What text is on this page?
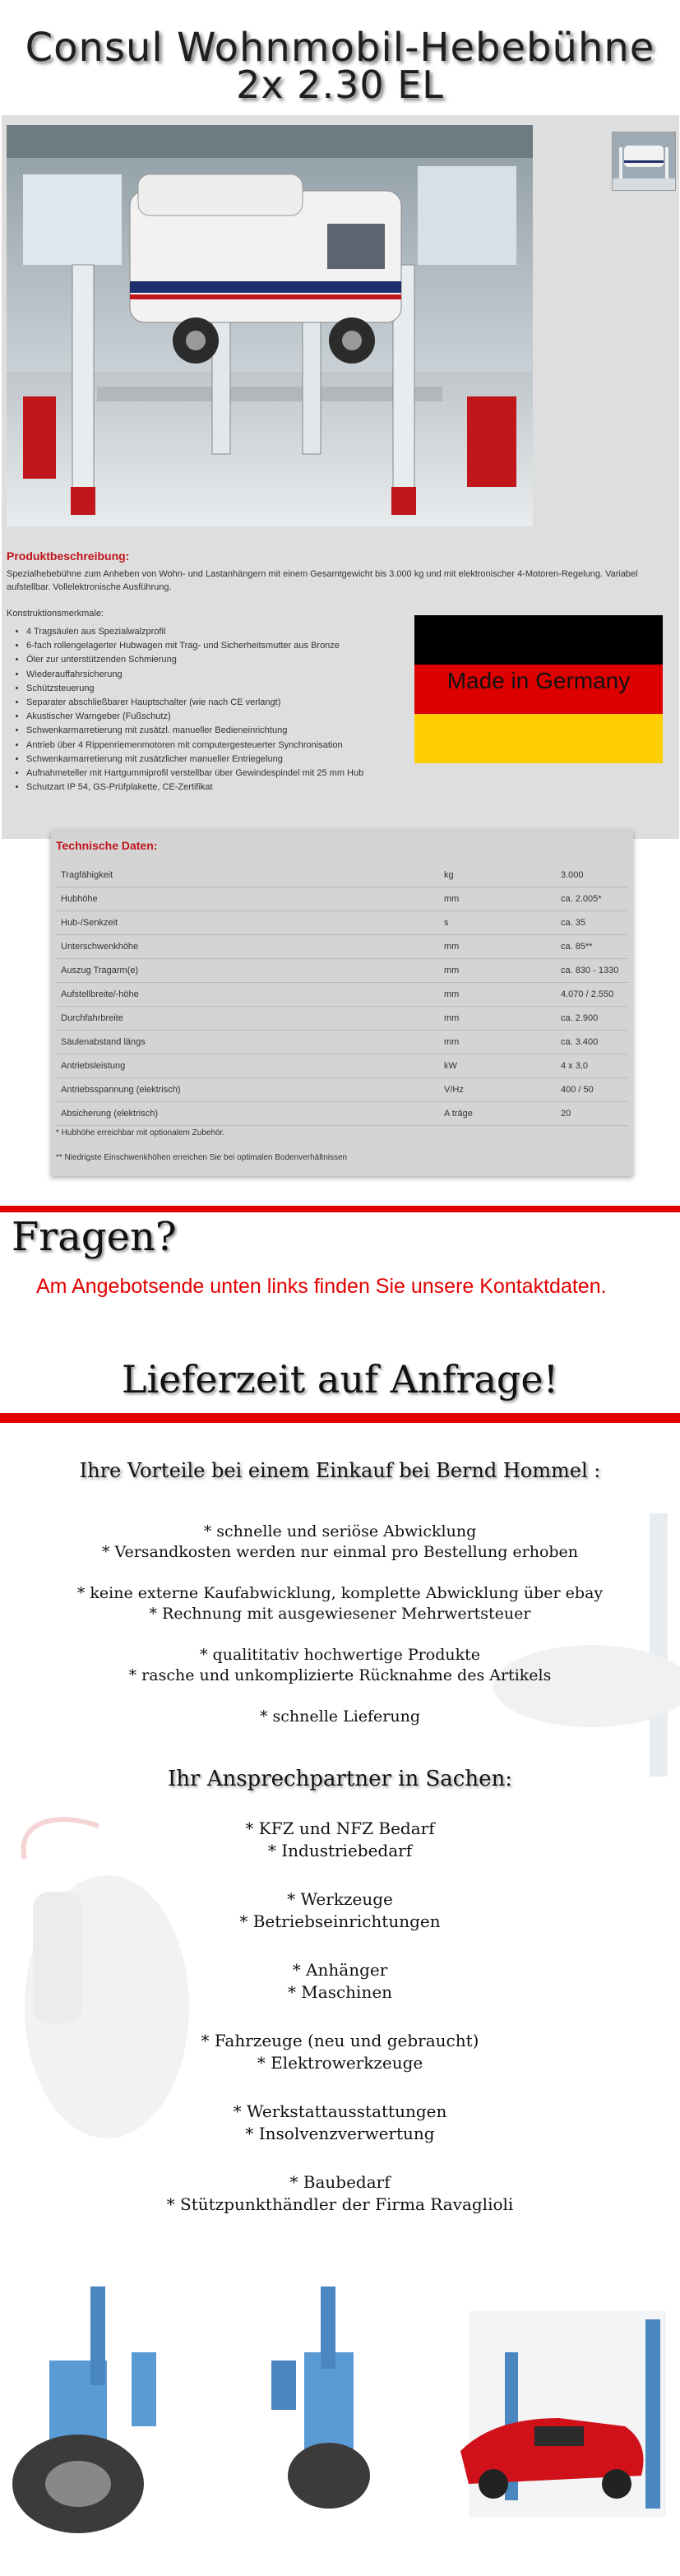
Consul Wohnmobil-Hebebühne
2x 2.30 EL
Produktbeschreibung:
Spezialhebebühne zum Anheben von Wohn- und Lastanhängern mit einem Gesamtgewicht bis 3.000 kg und mit elektronischer 4-Motoren-Regelung. Variabel aufstellbar. Vollelektronische Ausführung.
Konstruktionsmerkmale:
• 4 Tragsäulen aus Spezialwalzprofil
• 6-fach rollengelagerter Hubwagen mit Trag- und Sicherheitsmutter aus Bronze
• Öler zur unterstützenden Schmierung
• Wiederauffahrsicherung
• Schützsteuerung
• Separater abschließbarer Hauptschalter (wie nach CE verlangt)
• Akustischer Warngeber (Fußschutz)
• Schwenkarmarretierung mit zusätzl. manueller Bedieneinrichtung
• Antrieb über 4 Rippenriemenmotoren mit computergesteuerter Synchronisation
• Schwenkarmarretierung mit zusätzlicher manueller Entriegelung
• Aufnahmeteller mit Hartgummiprofil verstellbar über Gewindespindel mit 25 mm Hub
• Schutzart IP 54, GS-Prüfplakette, CE-Zertifikat
Made in Germany
Technische Daten:
Tragfähigkeit	kg	3.000
Hubhöhe	mm	ca. 2.005*
Hub-/Senkzeit	s	ca. 35
Unterschwenkhöhe	mm	ca. 85**
Auszug Tragarm(e)	mm	ca. 830 - 1330
Aufstellbreite/-höhe	mm	4.070 / 2.550
Durchfahrbreite	mm	ca. 2.900
Säulenabstand längs	mm	ca. 3.400
Antriebsleistung	kW	4 x 3,0
Antriebsspannung (elektrisch)	V/Hz	400 / 50
Absicherung (elektrisch)	A träge	20
* Hubhöhe erreichbar mit optionalem Zubehör.
** Niedrigste Einschwenkhöhen erreichen Sie bei optimalen Bodenverhältnissen
Fragen?
Am Angebotsende unten links finden Sie unsere Kontaktdaten.
Lieferzeit auf Anfrage!
Ihre Vorteile bei einem Einkauf bei Bernd Hommel :
* schnelle und seriöse Abwicklung
* Versandkosten werden nur einmal pro Bestellung erhoben
* keine externe Kaufabwicklung, komplette Abwicklung über ebay
* Rechnung mit ausgewiesener Mehrwertsteuer
* qualititativ hochwertige Produkte
* rasche und unkomplizierte Rücknahme des Artikels
* schnelle Lieferung
Ihr Ansprechpartner in Sachen:
* KFZ und NFZ Bedarf
* Industriebedarf
* Werkzeuge
* Betriebseinrichtungen
* Anhänger
* Maschinen
* Fahrzeuge (neu und gebraucht)
* Elektrowerkzeuge
* Werkstattausstattungen
* Insolvenzverwertung
* Baubedarf
* Stützpunkthändler der Firma Ravaglioli
